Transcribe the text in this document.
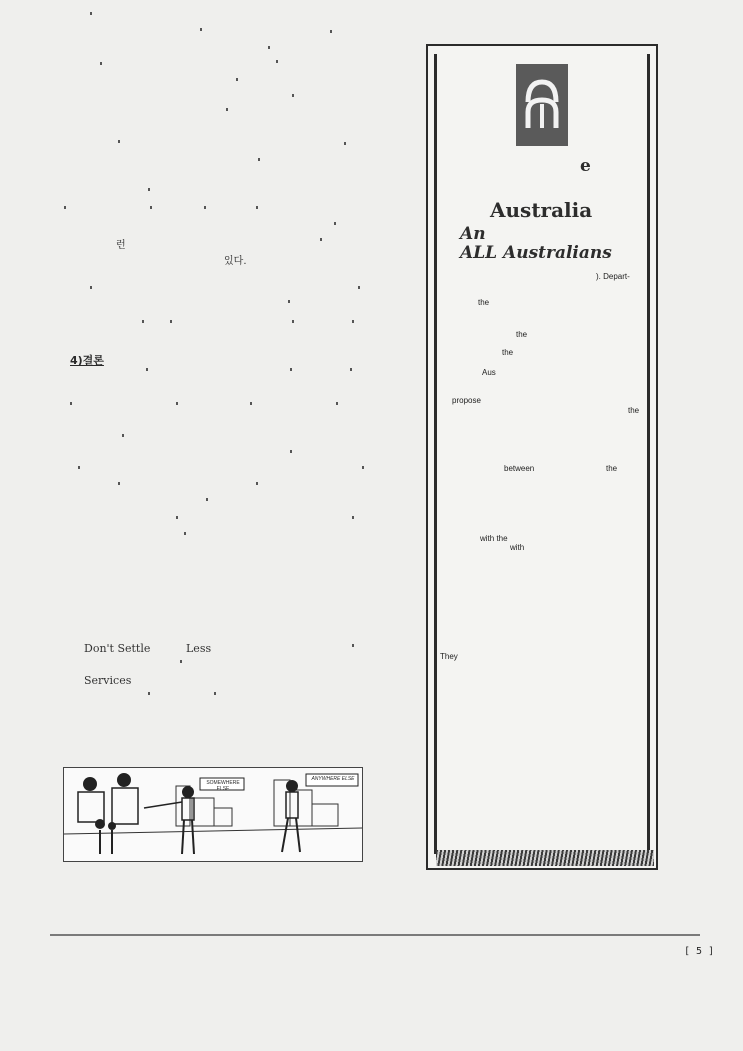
런
있다.
4)결론
Don't Settle	Less
Services
SOMEWHERE ELSE
ANYWHERE ELSE
e
Australia
An
ALL Australians
). Depart-
the
the
the
Aus
propose
the
between	the
with the
with
They
[ 5 ]
